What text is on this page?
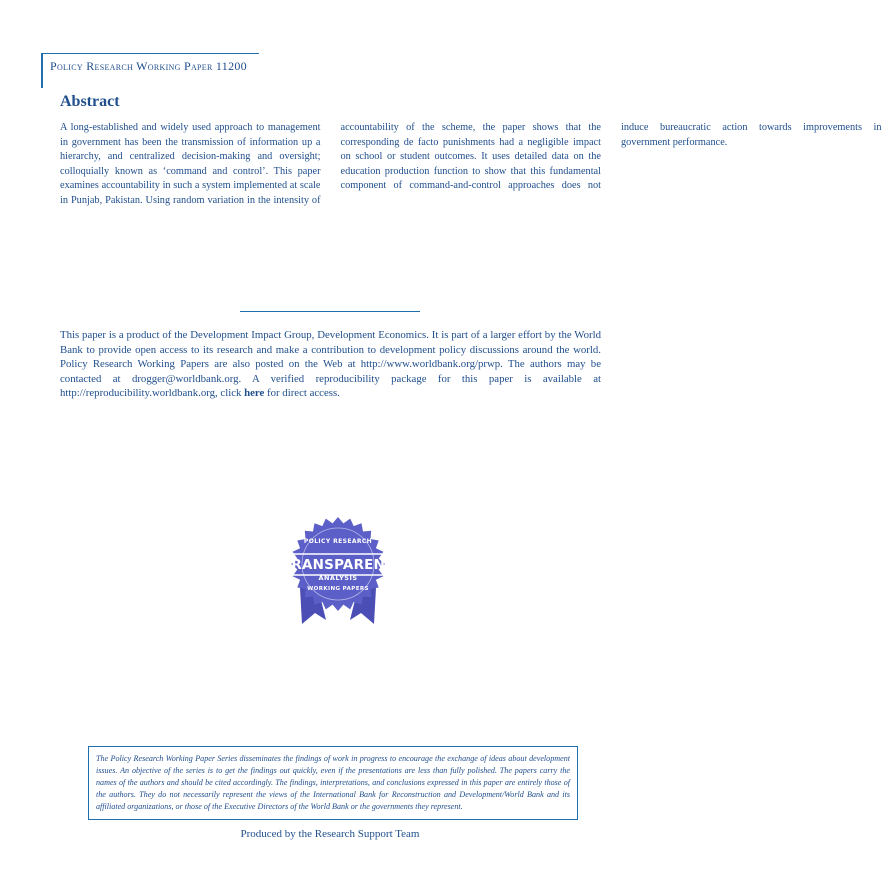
Policy Research Working Paper 11200
Abstract

A long-established and widely used approach to management in government has been the transmission of information up a hierarchy, and centralized decision-making and oversight; colloquially known as ‘command and control’. This paper examines accountability in such a system implemented at scale in Punjab, Pakistan. Using random variation in the intensity of accountability of the scheme, the paper shows that the corresponding de facto punishments had a negligible impact on school or student outcomes. It uses detailed data on the education production function to show that this fundamental component of command-and-control approaches does not induce bureaucratic action towards improvements in government performance.

This paper is a product of the Development Impact Group, Development Economics. It is part of a larger effort by the World Bank to provide open access to its research and make a contribution to development policy discussions around the world. Policy Research Working Papers are also posted on the Web at http://www.worldbank.org/prwp. The authors may be contacted at drogger@worldbank.org. A verified reproducibility package for this paper is available at http://reproducibility.worldbank.org, click here for direct access.

POLICY RESEARCH
TRANSPARENT
ANALYSIS
WORKING PAPERS

The Policy Research Working Paper Series disseminates the findings of work in progress to encourage the exchange of ideas about development issues. An objective of the series is to get the findings out quickly, even if the presentations are less than fully polished. The papers carry the names of the authors and should be cited accordingly. The findings, interpretations, and conclusions expressed in this paper are entirely those of the authors. They do not necessarily represent the views of the International Bank for Reconstruction and Development/World Bank and its affiliated organizations, or those of the Executive Directors of the World Bank or the governments they represent.

Produced by the Research Support Team
